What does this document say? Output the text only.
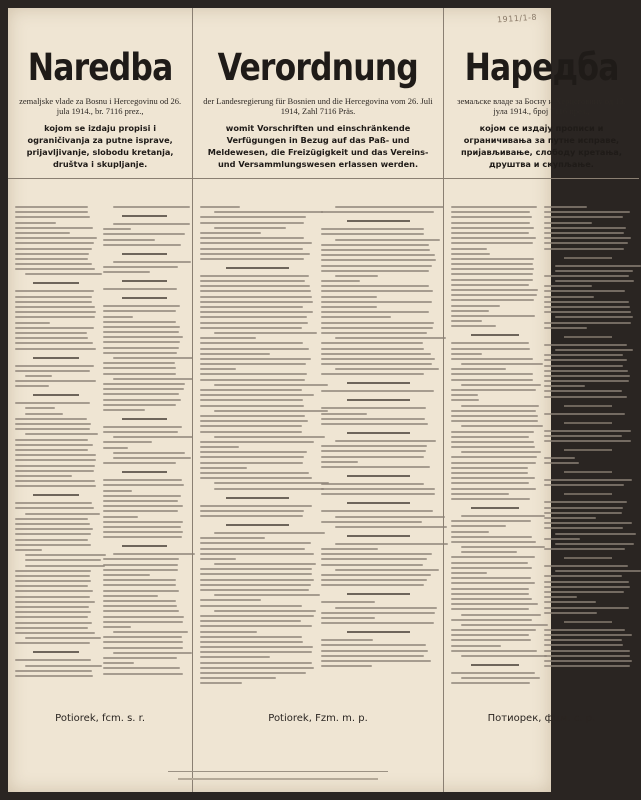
1911/1-8
Naredba
zemaljske vlade za Bosnu i Hercegovinu od 26. jula 1914., br. 7116 prez.,
kojom se izdaju propisi i ograničivanja za putne isprave, prijavljivanje, slobodu kretanja, društva i skupljanje.
Potiorek, fcm. s. r.
Verordnung
der Landesregierung für Bosnien und die Hercegovina vom 26. Juli 1914, Zahl 7116 Präs.
womit Vorschriften und einschränkende Verfügungen in Bezug auf das Paß- und Meldewesen, die Freizügigkeit und das Vereins- und Versammlungswesen erlassen werden.
Potiorek, Fzm. m. p.
Наредба
земаљске владе за Босну и Херцеговину од 13. јула 1914., број 7116 през.,
којом се издају прописи и ограничивања за путне исправе, пријављивање, слободу кретања, друштва и скупљање.
Потиорек, фцм. с. р.
